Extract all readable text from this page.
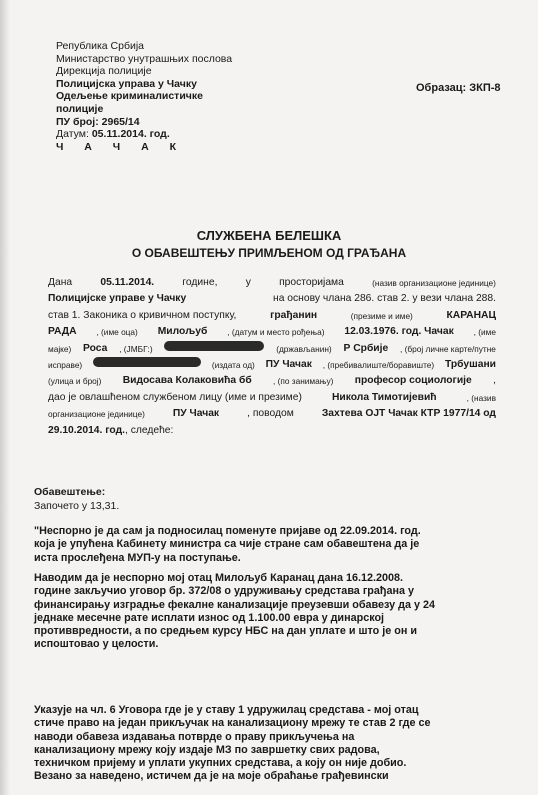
Република Србија
Министарство унутрашњих послова
Дирекција полиције
Полицијска управа у Чачку
Одељење криминалистичке
полиције
ПУ број: 2965/14
Датум: 05.11.2014. год.
Ч А Ч А К
Образац: ЗКП-8
СЛУЖБЕНА БЕЛЕШКА
О ОБАВЕШТЕЊУ ПРИМЉЕНОМ ОД ГРАЂАНА
Дана	05.11.2014.	године,	у	просторијама	(назив организационе јединице)
Полицијске управе у Чачку	на основу члана 286. став 2. у вези члана 288.
став 1. Законика о кривичном поступку,	грађанин	(презиме и име)	КАРАНАЦ
РАДА , (име оца) Милољуб , (датум и место рођења) 12.03.1976. год. Чачак , (име
мајке) Роса , (ЈМБГ:)	(држављанин) Р Србије , (број личне карте/путне
исправе)	(издата од) ПУ Чачак , (пребивалиште/боравиште) Трбушани
(улица и број) Видосава Колаковића бб	, (по занимању) професор социологије ,
дао је овлашћеном службеном лицу (име и презиме)	Никола Тимотијевић	, (назив
организационе јединице)	ПУ Чачак	, поводом	Захтева ОЈТ Чачак КТР 1977/14 од
29.10.2014. год. , следеће:
Обавештење:
Започето у 13,31.
"Неспорно је да сам ја подносилац поменуте пријаве од 22.09.2014. год.
која је упућена Кабинету министра са чије стране сам обавештена да је
иста прослеђена МУП-у на поступање.
Наводим да је неспорно мој отац Милољуб Каранац дана 16.12.2008.
године закључио уговор бр. 372/08 о удруживању средстава грађана у
финансирању изградње фекалне канализације преузевши обавезу да у 24
једнаке месечне рате исплати износ од 1.100.00 евра у динарској
противвредности, а по средњем курсу НБС на дан уплате и што је он и
испоштовао у целости.
Указује на чл. 6 Уговора где је у ставу 1 удружилац средстава - мој отац
стиче право на један прикључак на канализациону мрежу те став 2 где се
наводи обавеза издавања потврде о праву прикључења на
канализациону мрежу коју издаје МЗ по завршетку свих радова,
техничком пријему и уплати укупних средстава, а коју он није добио.
Везано за наведено, истичем да је на моје обраћање грађевински
